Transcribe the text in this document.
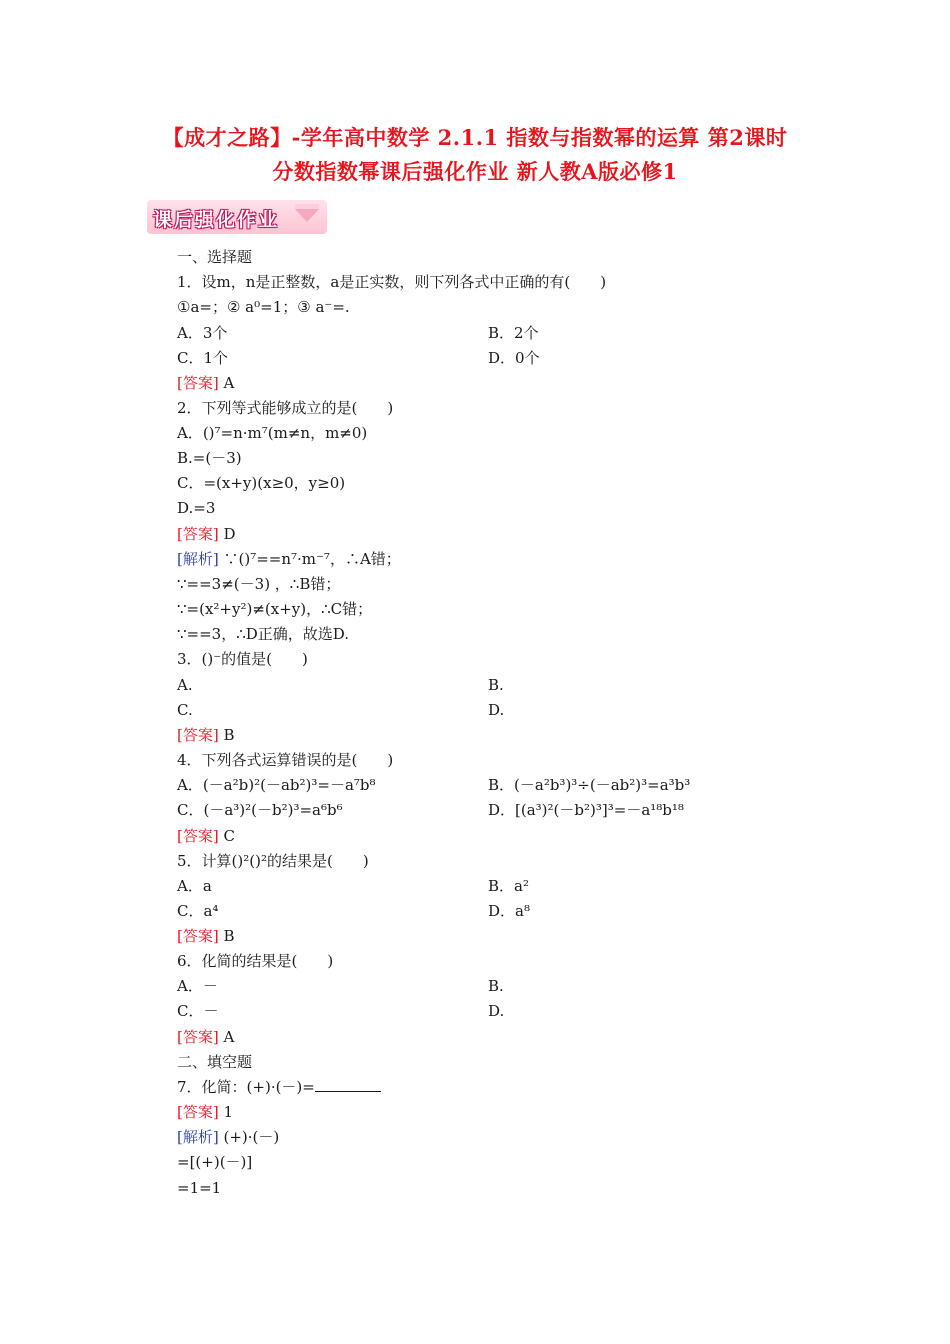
【成才之路】-学年高中数学 2.1.1 指数与指数幂的运算 第2课时
分数指数幂课后强化作业 新人教A版必修1
课后强化作业
一、选择题
1．设m，n是正整数，a是正实数，则下列各式中正确的有(　　)
①a=；② a⁰=1；③ a⁻=.
A．3个	B．2个
C．1个	D．0个
[答案] A
2．下列等式能够成立的是(　　)
A．()⁷=n·m⁷(m≠n，m≠0)
B.=(－3)
C．=(x+y)(x≥0，y≥0)
D.=3
[答案] D
[解析] ∵()⁷==n⁷·m⁻⁷，∴A错；
∵==3≠(－3) ，∴B错；
∵=(x²+y²)≠(x+y)，∴C错；
∵==3，∴D正确，故选D.
3．()⁻的值是(　　)
A.	B.
C.	D.
[答案] B
4．下列各式运算错误的是(　　)
A．(－a²b)²(－ab²)³=－a⁷b⁸	B．(－a²b³)³÷(－ab²)³=a³b³
C．(－a³)²(－b²)³=a⁶b⁶	D．[(a³)²(－b²)³]³=－a¹⁸b¹⁸
[答案] C
5．计算()²()²的结果是(　　)
A．a	B．a²
C．a⁴	D．a⁸
[答案] B
6．化简的结果是(　　)
A．－	B.
C．－	D.
[答案] A
二、填空题
7．化简：(+)·(－)=
[答案] 1
[解析] (+)·(－)
=[(+)(－)]
=1=1
